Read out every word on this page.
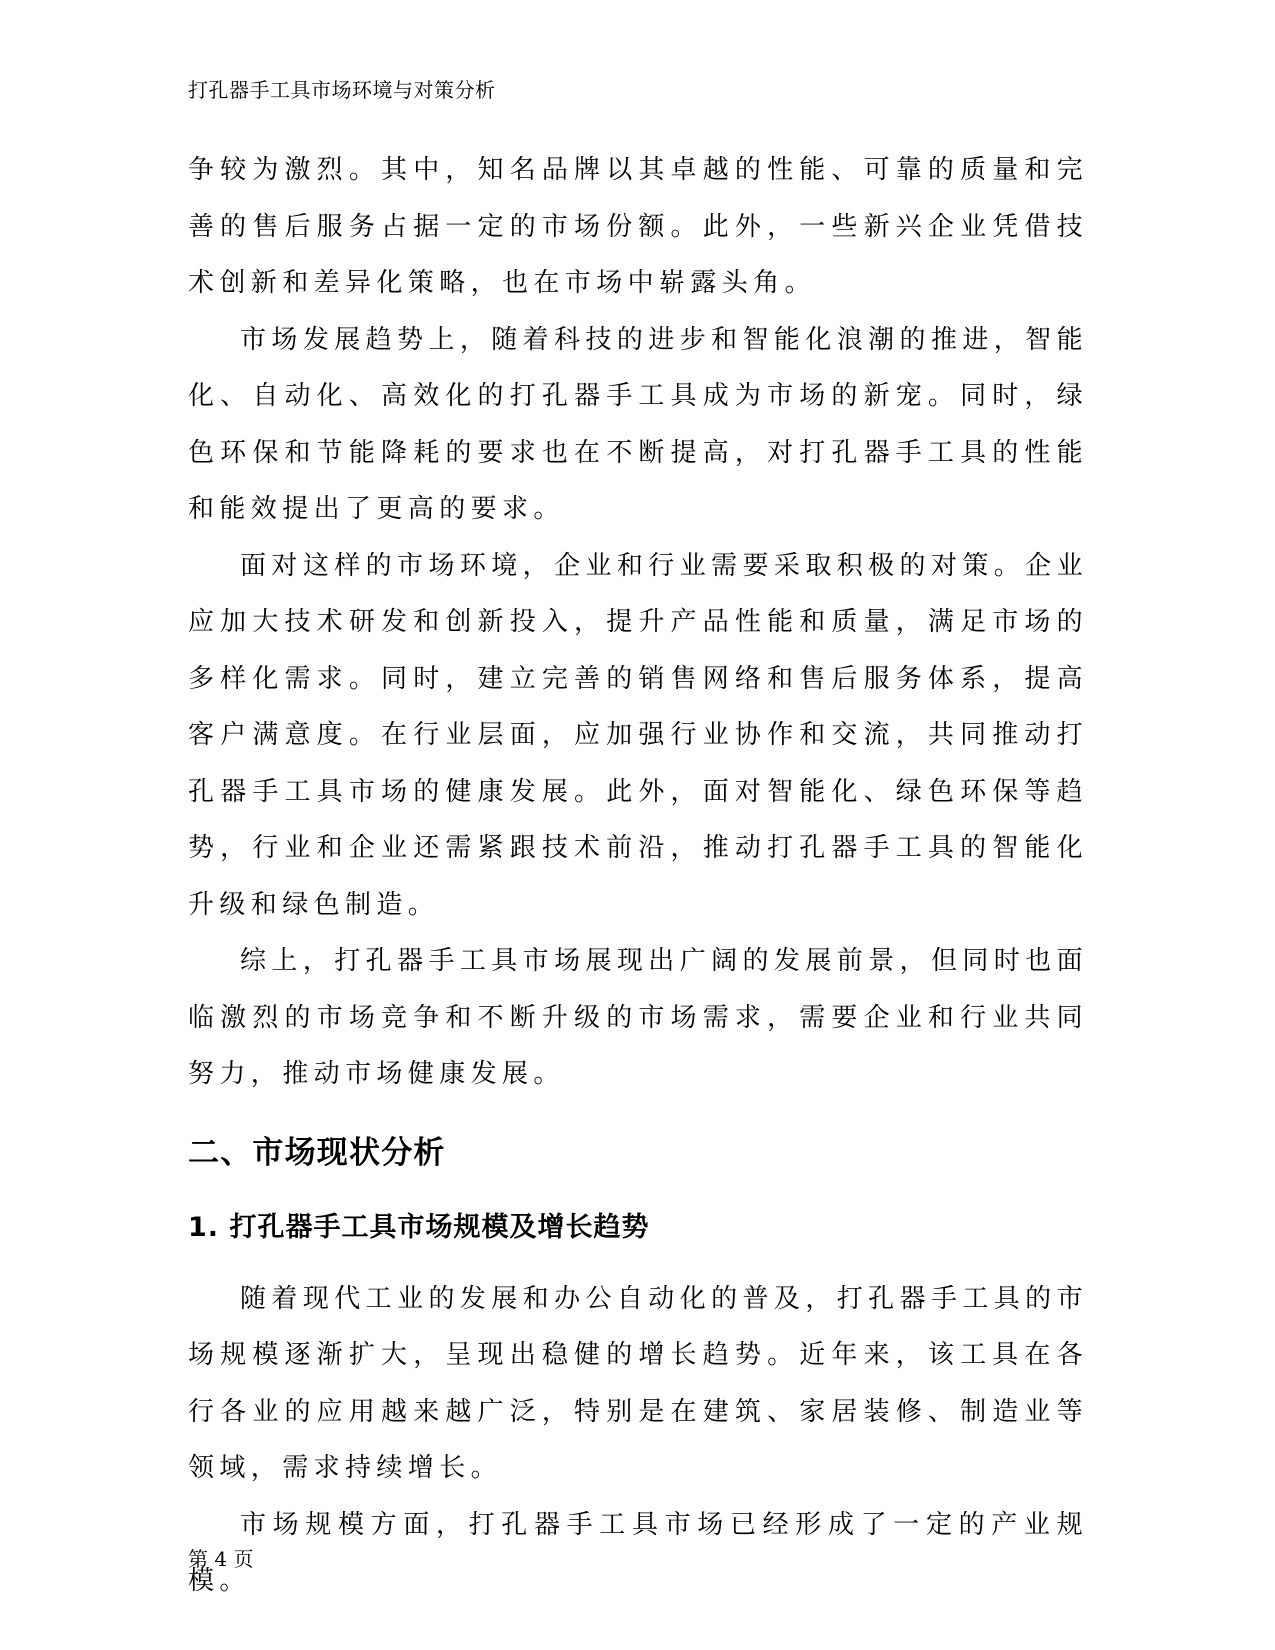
打孔器手工具市场环境与对策分析

争较为激烈。其中，知名品牌以其卓越的性能、可靠的质量和完善的售后服务占据一定的市场份额。此外，一些新兴企业凭借技术创新和差异化策略，也在市场中崭露头角。

市场发展趋势上，随着科技的进步和智能化浪潮的推进，智能化、自动化、高效化的打孔器手工具成为市场的新宠。同时，绿色环保和节能降耗的要求也在不断提高，对打孔器手工具的性能和能效提出了更高的要求。

面对这样的市场环境，企业和行业需要采取积极的对策。企业应加大技术研发和创新投入，提升产品性能和质量，满足市场的多样化需求。同时，建立完善的销售网络和售后服务体系，提高客户满意度。在行业层面，应加强行业协作和交流，共同推动打孔器手工具市场的健康发展。此外，面对智能化、绿色环保等趋势，行业和企业还需紧跟技术前沿，推动打孔器手工具的智能化升级和绿色制造。

综上，打孔器手工具市场展现出广阔的发展前景，但同时也面临激烈的市场竞争和不断升级的市场需求，需要企业和行业共同努力，推动市场健康发展。

二、市场现状分析
1. 打孔器手工具市场规模及增长趋势

随着现代工业的发展和办公自动化的普及，打孔器手工具的市场规模逐渐扩大，呈现出稳健的增长趋势。近年来，该工具在各行各业的应用越来越广泛，特别是在建筑、家居装修、制造业等领域，需求持续增长。

市场规模方面，打孔器手工具市场已经形成了一定的产业规模。

第 4 页
